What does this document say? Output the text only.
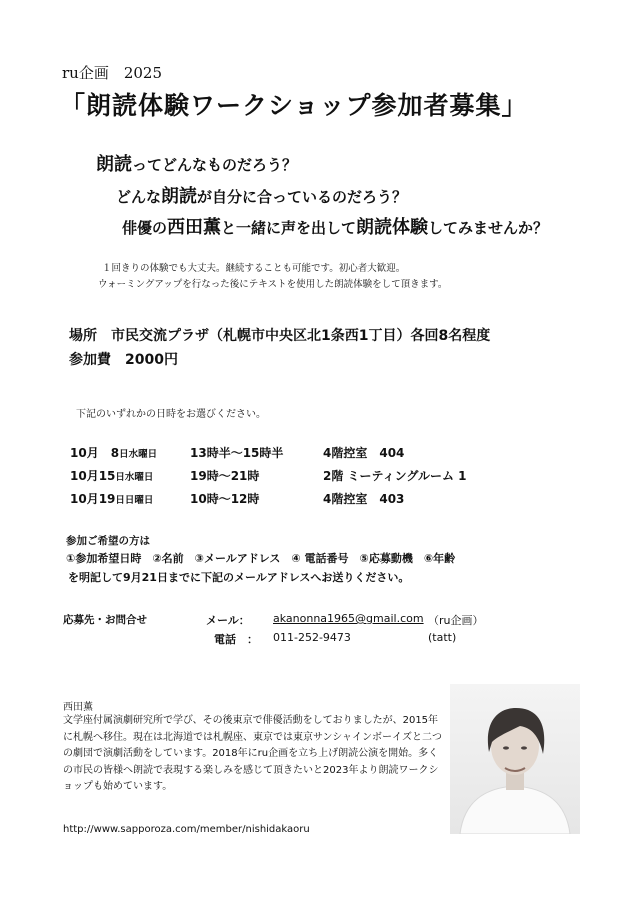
ru企画　2025
「朗読体験ワークショップ参加者募集」
朗読ってどんなものだろう？
どんな朗読が自分に合っているのだろう？
俳優の西田薫と一緒に声を出して朗読体験してみませんか？
１回きりの体験でも大丈夫。継続することも可能です。初心者大歓迎。
ウォーミングアップを行なった後にテキストを使用した朗読体験をして頂きます。
場所　市民交流プラザ（札幌市中央区北1条西1丁目）各回8名程度
参加費　2000円
下記のいずれかの日時をお選びください。
10月　8日水曜日	13時半～15時半	4階控室　404
10月15日水曜日	19時～21時	2階 ミーティングルーム 1
10月19日日曜日	10時～12時	4階控室　403
参加ご希望の方は
①参加希望日時　②名前　③メールアドレス　④ 電話番号　⑤応募動機　⑥年齢
を明記して9月21日までに下記のメールアドレスへお送りください。
応募先・お問合せ	メール： akanonna1965@gmail.com （ru企画）
電話　： 011-252-9473	(tatt)
西田薫
文学座付属演劇研究所で学び、その後東京で俳優活動をしておりましたが、2015年に札幌へ移住。現在は北海道では札幌座、東京では東京サンシャインボーイズと二つの劇団で演劇活動をしています。2018年にru企画を立ち上げ朗読公演を開始。多くの市民の皆様へ朗読で表現する楽しみを感じて頂きたいと2023年より朗読ワークショップも始めています。
http://www.sapporoza.com/member/nishidakaoru
